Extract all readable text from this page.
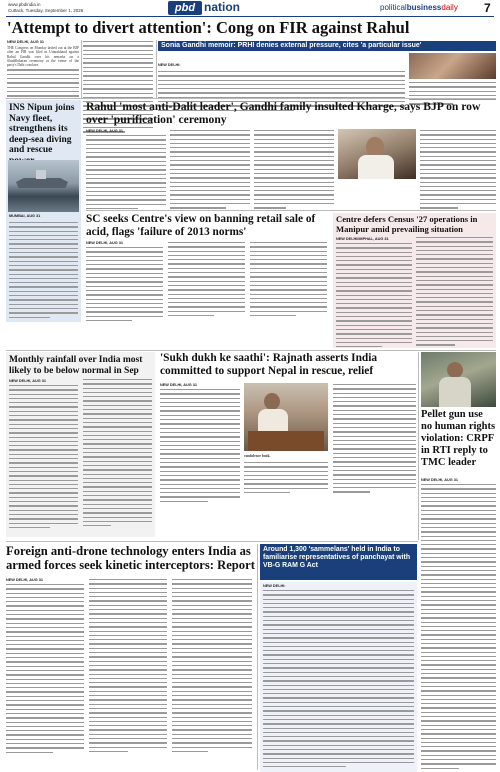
www.pbdindia.in
Cuttack, Tuesday, September 1, 2026	pbd nation	politicalbusinessdaily 7
'Attempt to divert attention': Cong on FIR against Rahul
NEW DELHI, AUG 31
THE Congress on Monday lashed out at the BJP after an FIR was filed in Uttarakhand against Rahul Gandhi over his remarks on a Shuddhikaran ceremony at the venue of the party's Dalit conclave.
Sonia Gandhi memoir: PRHI denies external pressure, cites 'a particular issue'
NEW DELHI:
INS Nipun joins Navy fleet, strengthens its deep-sea diving and rescue
MUMBAI, AUG 31
Rahul 'most anti-Dalit leader', Gandhi family insulted Kharge, says BJP on row over 'purification' ceremony
NEW DELHI, AUG 31
SC seeks Centre's view on banning retail sale of acid, flags 'failure of 2013 norms'
NEW DELHI, AUG 31
Centre defers Census '27 operations in Manipur amid prevailing situation
NEW DELHI/IMPHAL, AUG 31
Monthly rainfall over India most likely to be below normal in Sep
NEW DELHI, AUG 31
'Sukh dukh ke saathi': Rajnath asserts India committed to support Nepal in rescue, relief
NEW DELHI, AUG 31
condolence book.
Pellet gun use no human rights violation: CRPF in RTI reply to TMC leader
NEW DELHI, AUG 31
Foreign anti-drone technology enters India as armed forces seek kinetic interceptors: Report
NEW DELHI, AUG 31
Around 1,300 'sammelans' held in India to familiarise representatives of panchayat with VB-G RAM G Act
NEW DELHI:
